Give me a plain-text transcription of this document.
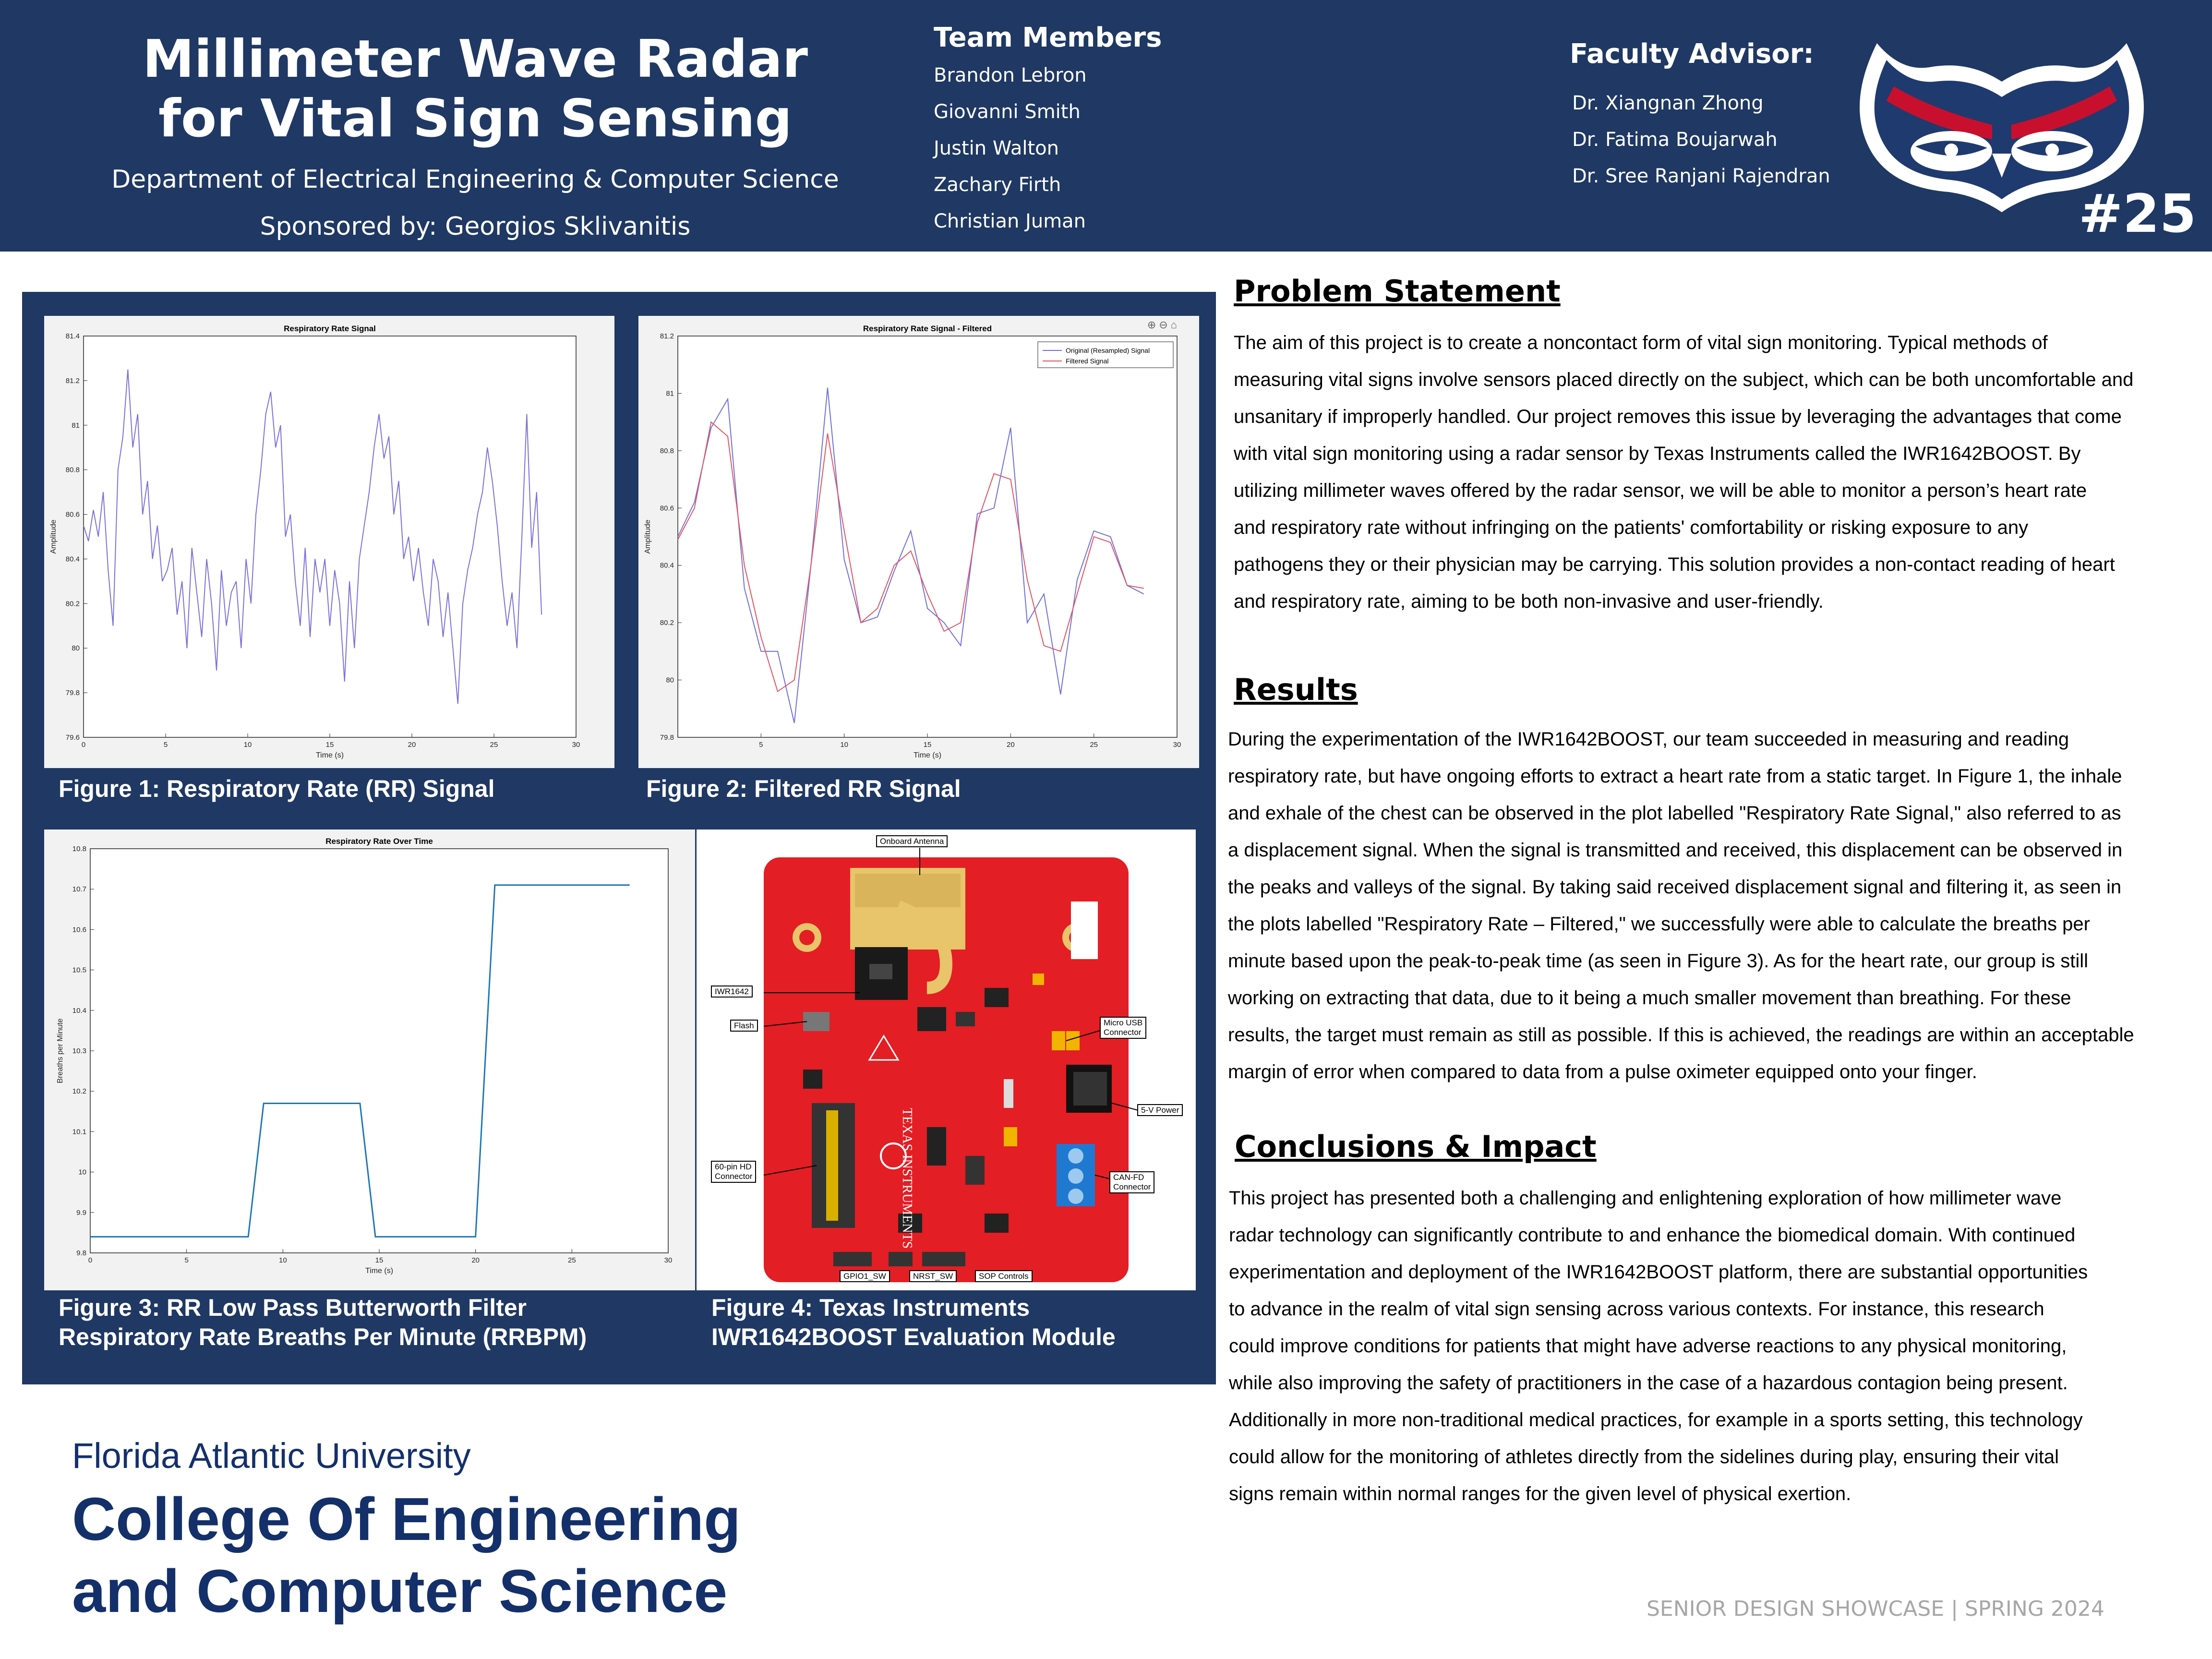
Millimeter Wave Radar
for Vital Sign Sensing
Department of Electrical Engineering & Computer Science
Sponsored by: Georgios Sklivanitis
Team Members
Brandon Lebron
Giovanni Smith
Justin Walton
Zachary Firth
Christian Juman
Faculty Advisor:
Dr. Xiangnan Zhong
Dr. Fatima Boujarwah
Dr. Sree Ranjani Rajendran
#25
0	5	10	15	20	25	30
79.6
79.8
80
80.2
80.4
80.6
80.8
81
81.2
81.4
Respiratory Rate Signal
Time (s)
Amplitude
Figure 1: Respiratory Rate (RR) Signal
5	10	15	20	25	30
79.8
80
80.2
80.4
80.6
80.8
81
81.2
Respiratory Rate Signal - Filtered
Time (s)
Amplitude
Original (Resampled) Signal
Filtered Signal
⊕⊖⌂
Figure 2: Filtered RR Signal
0	5	10	15	20	25	30
9.8
9.9
10
10.1
10.2
10.3
10.4
10.5
10.6
10.7
10.8
Respiratory Rate Over Time
Time (s)
Breaths per Minute
Figure 3: RR Low Pass Butterworth Filter
Respiratory Rate Breaths Per Minute (RRBPM)
TEXAS INSTRUMENTS
Onboard Antenna
IWR1642
Flash	Micro USB
Connector
5-V Power
60-pin HD
Connector	CAN-FD
Connector
GPIO1_SW	NRST_SW	SOP Controls
Figure 4: Texas Instruments
IWR1642BOOST Evaluation Module
Problem Statement
The aim of this project is to create a noncontact form of vital sign monitoring. Typical methods of
measuring vital signs involve sensors placed directly on the subject, which can be both uncomfortable and
unsanitary if improperly handled. Our project removes this issue by leveraging the advantages that come
with vital sign monitoring using a radar sensor by Texas Instruments called the IWR1642BOOST. By
utilizing millimeter waves offered by the radar sensor, we will be able to monitor a person’s heart rate
and respiratory rate without infringing on the patients' comfortability or risking exposure to any
pathogens they or their physician may be carrying. This solution provides a non-contact reading of heart
and respiratory rate, aiming to be both non-invasive and user-friendly.
Results
During the experimentation of the IWR1642BOOST, our team succeeded in measuring and reading
respiratory rate, but have ongoing efforts to extract a heart rate from a static target. In Figure 1, the inhale
and exhale of the chest can be observed in the plot labelled "Respiratory Rate Signal," also referred to as
a displacement signal. When the signal is transmitted and received, this displacement can be observed in
the peaks and valleys of the signal. By taking said received displacement signal and filtering it, as seen in
the plots labelled "Respiratory Rate – Filtered," we successfully were able to calculate the breaths per
minute based upon the peak-to-peak time (as seen in Figure 3). As for the heart rate, our group is still
working on extracting that data, due to it being a much smaller movement than breathing. For these
results, the target must remain as still as possible. If this is achieved, the readings are within an acceptable
margin of error when compared to data from a pulse oximeter equipped onto your finger.
Conclusions & Impact
This project has presented both a challenging and enlightening exploration of how millimeter wave
radar technology can significantly contribute to and enhance the biomedical domain. With continued
experimentation and deployment of the IWR1642BOOST platform, there are substantial opportunities
to advance in the realm of vital sign sensing across various contexts. For instance, this research
could improve conditions for patients that might have adverse reactions to any physical monitoring,
while also improving the safety of practitioners in the case of a hazardous contagion being present.
Additionally in more non-traditional medical practices, for example in a sports setting, this technology
could allow for the monitoring of athletes directly from the sidelines during play, ensuring their vital
signs remain within normal ranges for the given level of physical exertion.
Florida Atlantic University
College Of Engineering
and Computer Science	SENIOR DESIGN SHOWCASE | SPRING 2024
